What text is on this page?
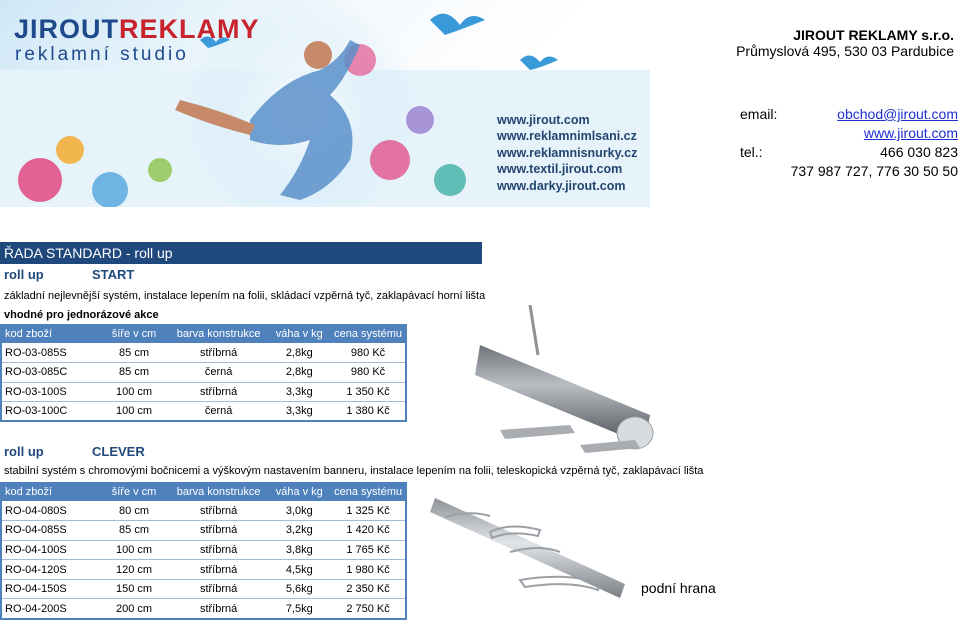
JIROUTREKLAMY
reklamní studio
www.jirout.com
www.reklamnimlsani.cz
www.reklamnisnurky.cz
www.textil.jirout.com
www.darky.jirout.com
JIROUT REKLAMY s.r.o.
Průmyslová 495, 530 03 Pardubice
email:	obchod@jirout.com
www.jirout.com
tel.:	466 030 823
737 987 727, 776 30 50 50
ŘADA STANDARD - roll up
roll up	START
základní nejlevnější systém, instalace lepením na folii, skládací vzpěrná tyč, zaklapávací horní lišta
vhodné pro jednorázové akce
kod zboží	šíře v cm	barva konstrukce	váha v kg	cena systému
RO-03-085S	85 cm	stříbrná	2,8kg	980 Kč
RO-03-085C	85 cm	černá	2,8kg	980 Kč
RO-03-100S	100 cm	stříbrná	3,3kg	1 350 Kč
RO-03-100C	100 cm	černá	3,3kg	1 380 Kč
roll up	CLEVER
stabilní systém s chromovými bočnicemi a výškovým nastavením banneru, instalace lepením na folii, teleskopická vzpěrná tyč, zaklapávací lišta
kod zboží	šíře v cm	barva konstrukce	váha v kg	cena systému
RO-04-080S	80 cm	stříbrná	3,0kg	1 325 Kč
RO-04-085S	85 cm	stříbrná	3,2kg	1 420 Kč
RO-04-100S	100 cm	stříbrná	3,8kg	1 765 Kč
RO-04-120S	120 cm	stříbrná	4,5kg	1 980 Kč
RO-04-150S	150 cm	stříbrná	5,6kg	2 350 Kč
RO-04-200S	200 cm	stříbrná	7,5kg	2 750 Kč
podní hrana
